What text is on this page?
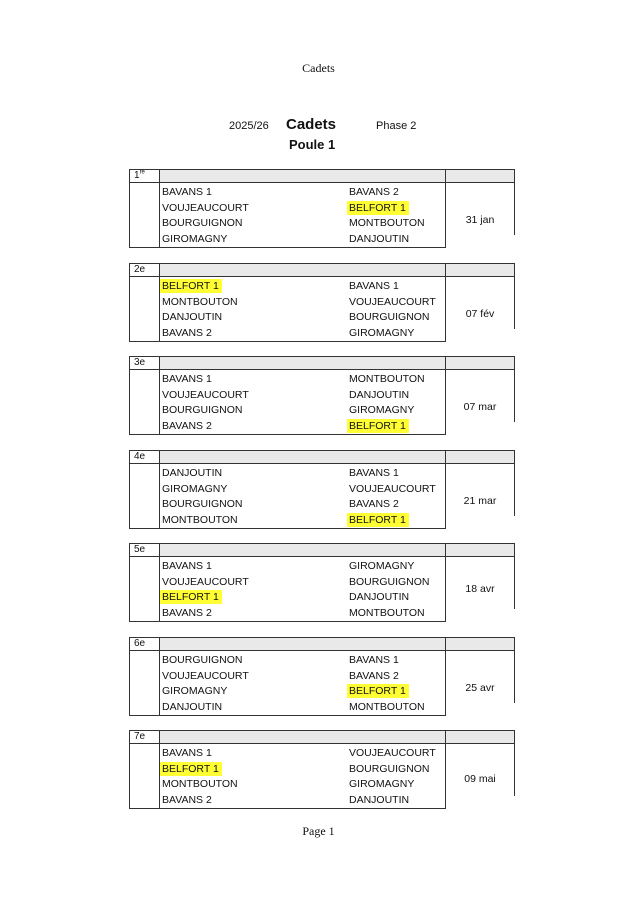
Cadets
2025/26 Cadets	Phase 2
Poule 1
1re
BAVANS 1
VOUJEAUCOURT
BOURGUIGNON
GIROMAGNY
BAVANS 2
BELFORT 1
MONTBOUTON
DANJOUTIN
31 jan
2e
BELFORT 1
MONTBOUTON
DANJOUTIN
BAVANS 2
BAVANS 1
VOUJEAUCOURT
BOURGUIGNON
GIROMAGNY
07 fév
3e
BAVANS 1
VOUJEAUCOURT
BOURGUIGNON
BAVANS 2
MONTBOUTON
DANJOUTIN
GIROMAGNY
BELFORT 1
07 mar
4e
DANJOUTIN
GIROMAGNY
BOURGUIGNON
MONTBOUTON
BAVANS 1
VOUJEAUCOURT
BAVANS 2
BELFORT 1
21 mar
5e
BAVANS 1
VOUJEAUCOURT
BELFORT 1
BAVANS 2
GIROMAGNY
BOURGUIGNON
DANJOUTIN
MONTBOUTON
18 avr
6e
BOURGUIGNON
VOUJEAUCOURT
GIROMAGNY
DANJOUTIN
BAVANS 1
BAVANS 2
BELFORT 1
MONTBOUTON
25 avr
7e
BAVANS 1
BELFORT 1
MONTBOUTON
BAVANS 2
VOUJEAUCOURT
BOURGUIGNON
GIROMAGNY
DANJOUTIN
09 mai
Page 1
